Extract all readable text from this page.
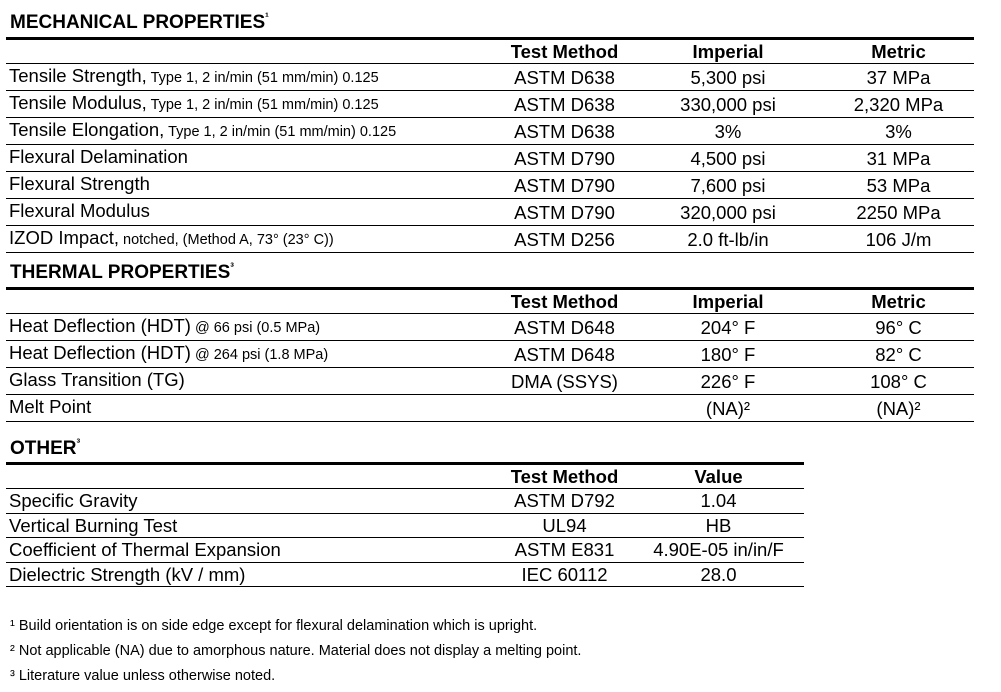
MECHANICAL $PROPERTIES^{^1}$
	Test Method	Imperial	Metric
Tensile Strength, Type 1, 2 in/min (51 mm/min) 0.125	ASTM D638	5,300 psi	37 MPa
Tensile Modulus, Type 1, 2 in/min (51 mm/min) 0.125	ASTM D638	330,000 psi	2,320 MPa
Tensile Elongation, Type 1, 2 in/min (51 mm/min) 0.125	ASTM D638	3%	3%
Flexural Delamination	ASTM D790	4,500 psi	31 MPa
Flexural Strength	ASTM D790	7,600 psi	53 MPa
Flexural Modulus	ASTM D790	320,000 psi	2250 MPa
IZOD Impact, notched, (Method A, 73° (23° C))	ASTM D256	2.0 ft-lb/in	106 J/m
THERMAL $PROPERTIES^{^3}$
	Test Method	Imperial	Metric
Heat Deflection (HDT) @ 66 psi (0.5 MPa)	ASTM D648	204° F	96° C
Heat Deflection (HDT) @ 264 psi (1.8 MPa)	ASTM D648	180° F	82° C
Glass Transition (TG)	DMA (SSYS)	226° F	108° C
Melt Point		(NA)²	(NA)²
$OTHER^{^3}$
	Test Method	Value
Specific Gravity	ASTM D792	1.04
Vertical Burning Test	UL94	HB
Coefficient of Thermal Expansion	ASTM E831	4.90E-05 in/in/F
Dielectric Strength (kV / mm)	IEC 60112	28.0

¹ Build orientation is on side edge except for flexural delamination which is upright.

² Not applicable (NA) due to amorphous nature. Material does not display a melting point.

³ Literature value unless otherwise noted.
